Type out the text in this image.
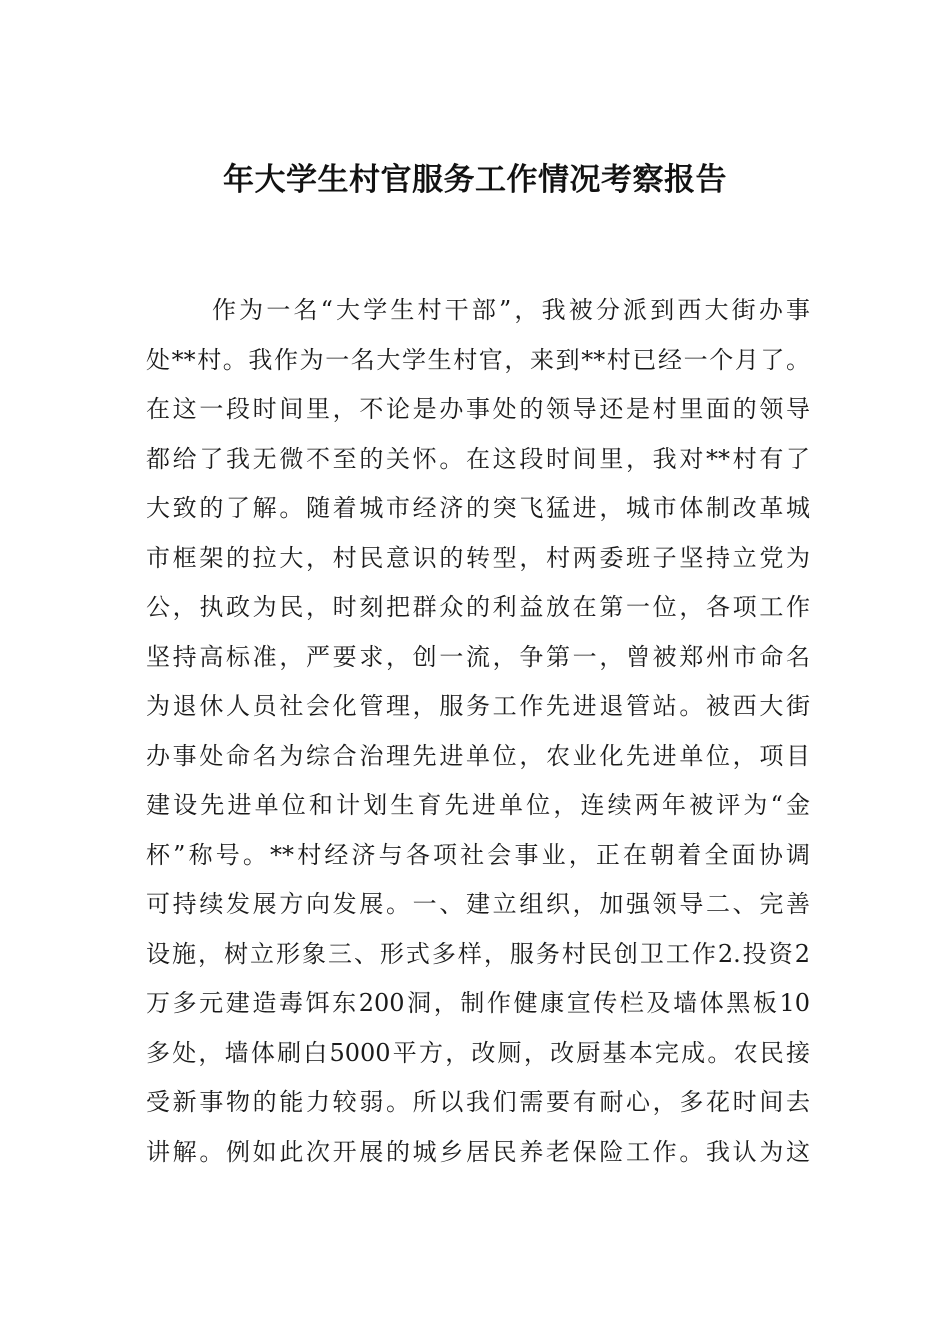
年大学生村官服务工作情况考察报告
作为一名“大学生村干部”，我被分派到西大街办事
处**村。我作为一名大学生村官，来到**村已经一个月了。
在这一段时间里，不论是办事处的领导还是村里面的领导
都给了我无微不至的关怀。在这段时间里，我对**村有了
大致的了解。随着城市经济的突飞猛进，城市体制改革城
市框架的拉大，村民意识的转型，村两委班子坚持立党为
公，执政为民，时刻把群众的利益放在第一位，各项工作
坚持高标准，严要求，创一流，争第一，曾被郑州市命名
为退休人员社会化管理，服务工作先进退管站。被西大街
办事处命名为综合治理先进单位，农业化先进单位，项目
建设先进单位和计划生育先进单位，连续两年被评为“金
杯”称号。**村经济与各项社会事业，正在朝着全面协调
可持续发展方向发展。一、建立组织，加强领导二、完善
设施，树立形象三、形式多样，服务村民创卫工作2.投资2
万多元建造毒饵东200洞，制作健康宣传栏及墙体黑板10
多处，墙体刷白5000平方，改厕，改厨基本完成。农民接
受新事物的能力较弱。所以我们需要有耐心，多花时间去
讲解。例如此次开展的城乡居民养老保险工作。我认为这
